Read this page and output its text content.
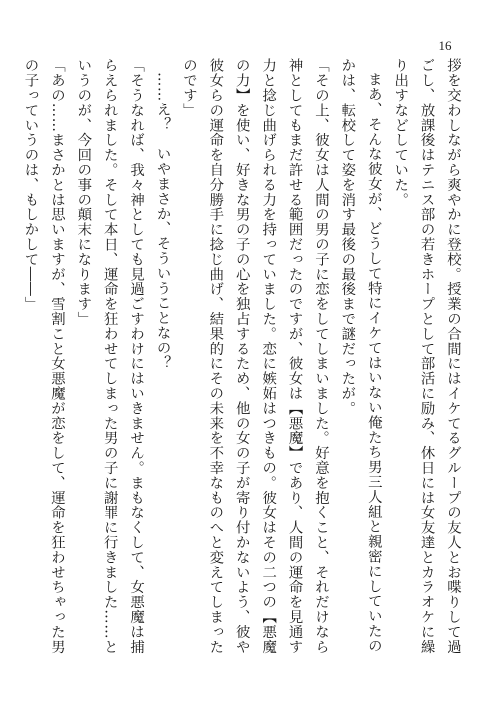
16
拶を交わしながら爽やかに登校。授業の合間にはイケてるグループの友人とお喋りして過
ごし、放課後はテニス部の若きホープとして部活に励み、休日には女友達とカラオケに繰
り出すなどしていた。
まあ、そんな彼女が、どうして特にイケてはいない俺たち男三人組と親密にしていたの
かは、転校して姿を消す最後の最後まで謎だったが。
「その上、彼女は人間の男の子に恋をしてしまいました。好意を抱くこと、それだけなら
神としてもまだ許せる範囲だったのですが、彼女は【悪魔】であり、人間の運命を見通す
力と捻じ曲げられる力を持っていました。恋に嫉妬はつきもの。彼女はその二つの【悪魔
の力】を使い、好きな男の子の心を独占するため、他の女の子が寄り付かないよう、彼や
彼女らの運命を自分勝手に捻じ曲げ、結果的にその未来を不幸なものへと変えてしまった
のです」
……え？　いやまさか、そういうことなの？
「そうなれば、我々神としても見過ごすわけにはいきません。まもなくして、女悪魔は捕
らえられました。そして本日、運命を狂わせてしまった男の子に謝罪に行きました……と
いうのが、今回の事の顛末になります」
「あの……まさかとは思いますが、雪割こと女悪魔が恋をして、運命を狂わせちゃった男
の子っていうのは、もしかして――」
